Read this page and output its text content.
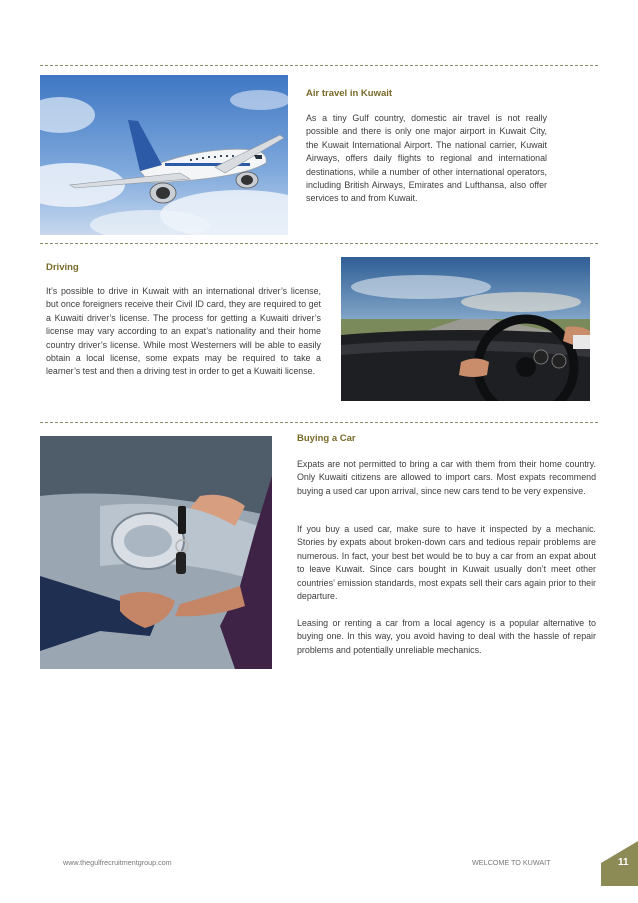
Air travel in Kuwait

As a tiny Gulf country, domestic air travel is not really possible and there is only one major airport in Kuwait City, the Kuwait International Airport. The national carrier, Kuwait Airways, offers daily flights to regional and international destinations, while a number of other international operators, including British Airways, Emirates and Lufthansa, also offer services to and from Kuwait.

Driving

It’s possible to drive in Kuwait with an international driver’s license, but once foreigners receive their Civil ID card, they are required to get a Kuwaiti driver’s license. The process for getting a Kuwaiti driver’s license may vary according to an expat’s nationality and their home country driver’s license. While most Westerners will be able to easily obtain a local license, some expats may be required to take a learner’s test and then a driving test in order to get a Kuwaiti license.

Buying a Car

Expats are not permitted to bring a car with them from their home country. Only Kuwaiti citizens are allowed to import cars. Most expats recommend buying a used car upon arrival, since new cars tend to be very expensive.

If you buy a used car, make sure to have it inspected by a mechanic. Stories by expats about broken-down cars and tedious repair problems are numerous. In fact, your best bet would be to buy a car from an expat about to leave Kuwait. Since cars bought in Kuwait usually don’t meet other countries’ emission standards, most expats sell their cars again prior to their departure.

Leasing or renting a car from a local agency is a popular alternative to buying one. In this way, you avoid having to deal with the hassle of repair problems and potentially unreliable mechanics.

www.thegulfrecruitmentgroup.com	WELCOME TO KUWAIT	11
